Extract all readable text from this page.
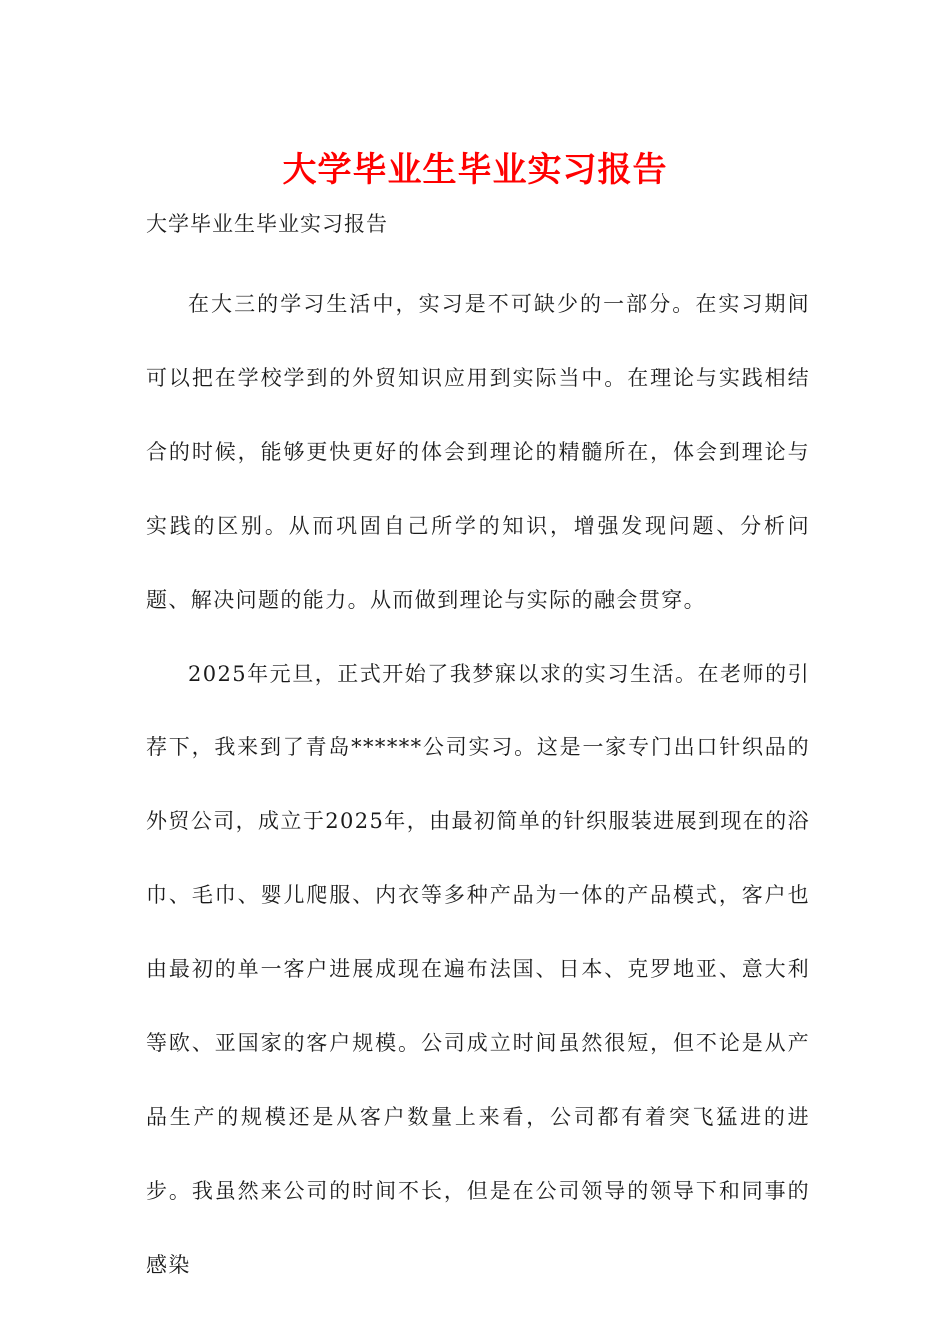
大学毕业生毕业实习报告
大学毕业生毕业实习报告

在大三的学习生活中，实习是不可缺少的一部分。在实习期间可以把在学校学到的外贸知识应用到实际当中。在理论与实践相结合的时候，能够更快更好的体会到理论的精髓所在，体会到理论与实践的区别。从而巩固自己所学的知识，增强发现问题、分析问题、解决问题的能力。从而做到理论与实际的融会贯穿。

2025年元旦，正式开始了我梦寐以求的实习生活。在老师的引荐下，我来到了青岛******公司实习。这是一家专门出口针织品的外贸公司，成立于2025年，由最初简单的针织服装进展到现在的浴巾、毛巾、婴儿爬服、内衣等多种产品为一体的产品模式，客户也由最初的单一客户进展成现在遍布法国、日本、克罗地亚、意大利等欧、亚国家的客户规模。公司成立时间虽然很短，但不论是从产品生产的规模还是从客户数量上来看，公司都有着突飞猛进的进步。我虽然来公司的时间不长，但是在公司领导的领导下和同事的感染
